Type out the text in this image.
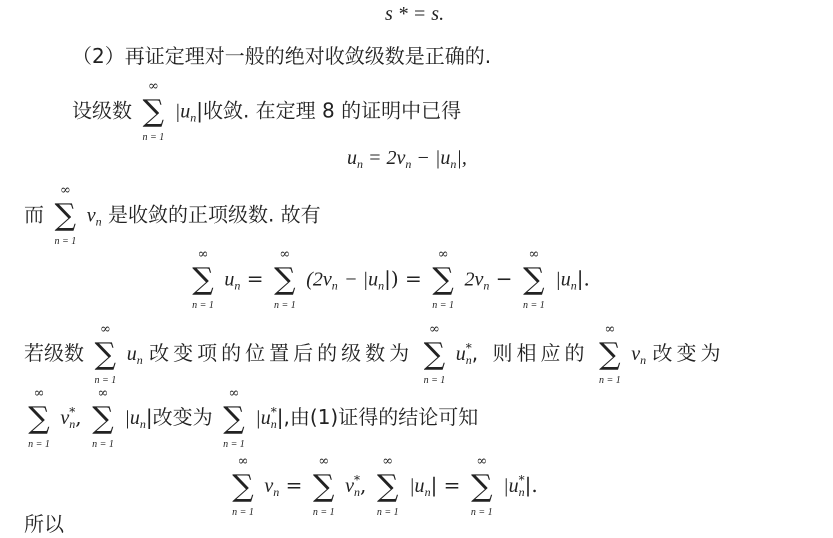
s * = s.
（2）再证定理对一般的绝对收敛级数是正确的.
设级数
∞
∑
n = 1
$|u_n|$收敛. 在定理 8 的证明中已得
$u_n = 2v_n - |u_n|$,
而
∞
∑
n = 1
$v_n$ 是收敛的正项级数. 故有
∞
∑
n = 1
$u_n$ =
∞
∑
n = 1
$(2v_n - |u_n|)$ =
∞
∑
n = 1
$2v_n$ −
∞
∑
n = 1
$|u_n|$.
若级数
∞
∑
n = 1
$u_n$ 改变项的位置后的级数为
∞
∑
n = 1
$u^*_n$, 则相应的
∞
∑
n = 1
$v_n$ 改变为
∞
∑
n = 1
$v^*_n$,
∞
∑
n = 1
$|u_n|$改变为
∞
∑
n = 1
$|u^*_n|$,由(1)证得的结论可知
∞
∑
n = 1
$v_n$ =
∞
∑
n = 1
$v^*_n$,
∞
∑
n = 1
$|u_n|$ =
∞
∑
n = 1
$|u^*_n|$.
所以
